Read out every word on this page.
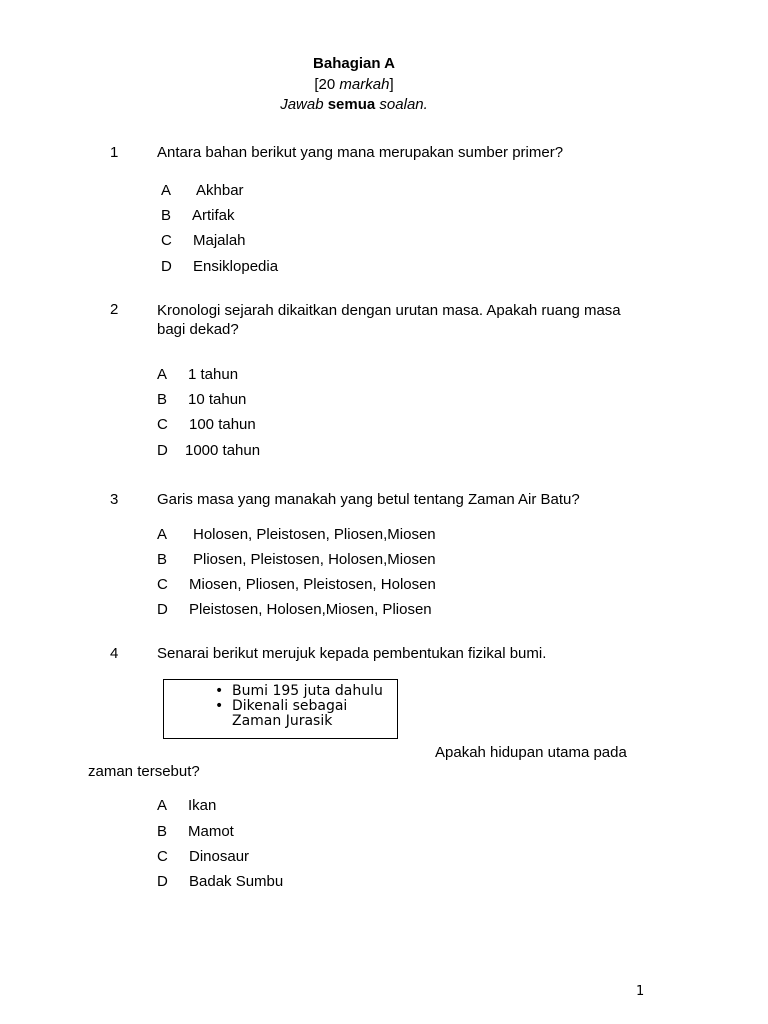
Bahagian A
[20 markah]
Jawab semua soalan.
1	Antara bahan berikut yang mana merupakan sumber primer?
A Akhbar
B Artifak
C Majalah
D Ensiklopedia
2	Kronologi sejarah dikaitkan dengan urutan masa. Apakah ruang masa bagi dekad?
A 1 tahun
B 10 tahun
C 100 tahun
D 1000 tahun
3	Garis masa yang manakah yang betul tentang Zaman Air Batu?
A Holosen, Pleistosen, Pliosen,Miosen
B Pliosen, Pleistosen, Holosen,Miosen
C Miosen, Pliosen, Pleistosen, Holosen
D Pleistosen, Holosen,Miosen, Pliosen
4	Senarai berikut merujuk kepada pembentukan fizikal bumi.
• Bumi 195 juta dahulu
• Dikenali sebagai Zaman Jurasik
Apakah hidupan utama pada
zaman tersebut?
A Ikan
B Mamot
C Dinosaur
D Badak Sumbu
1
